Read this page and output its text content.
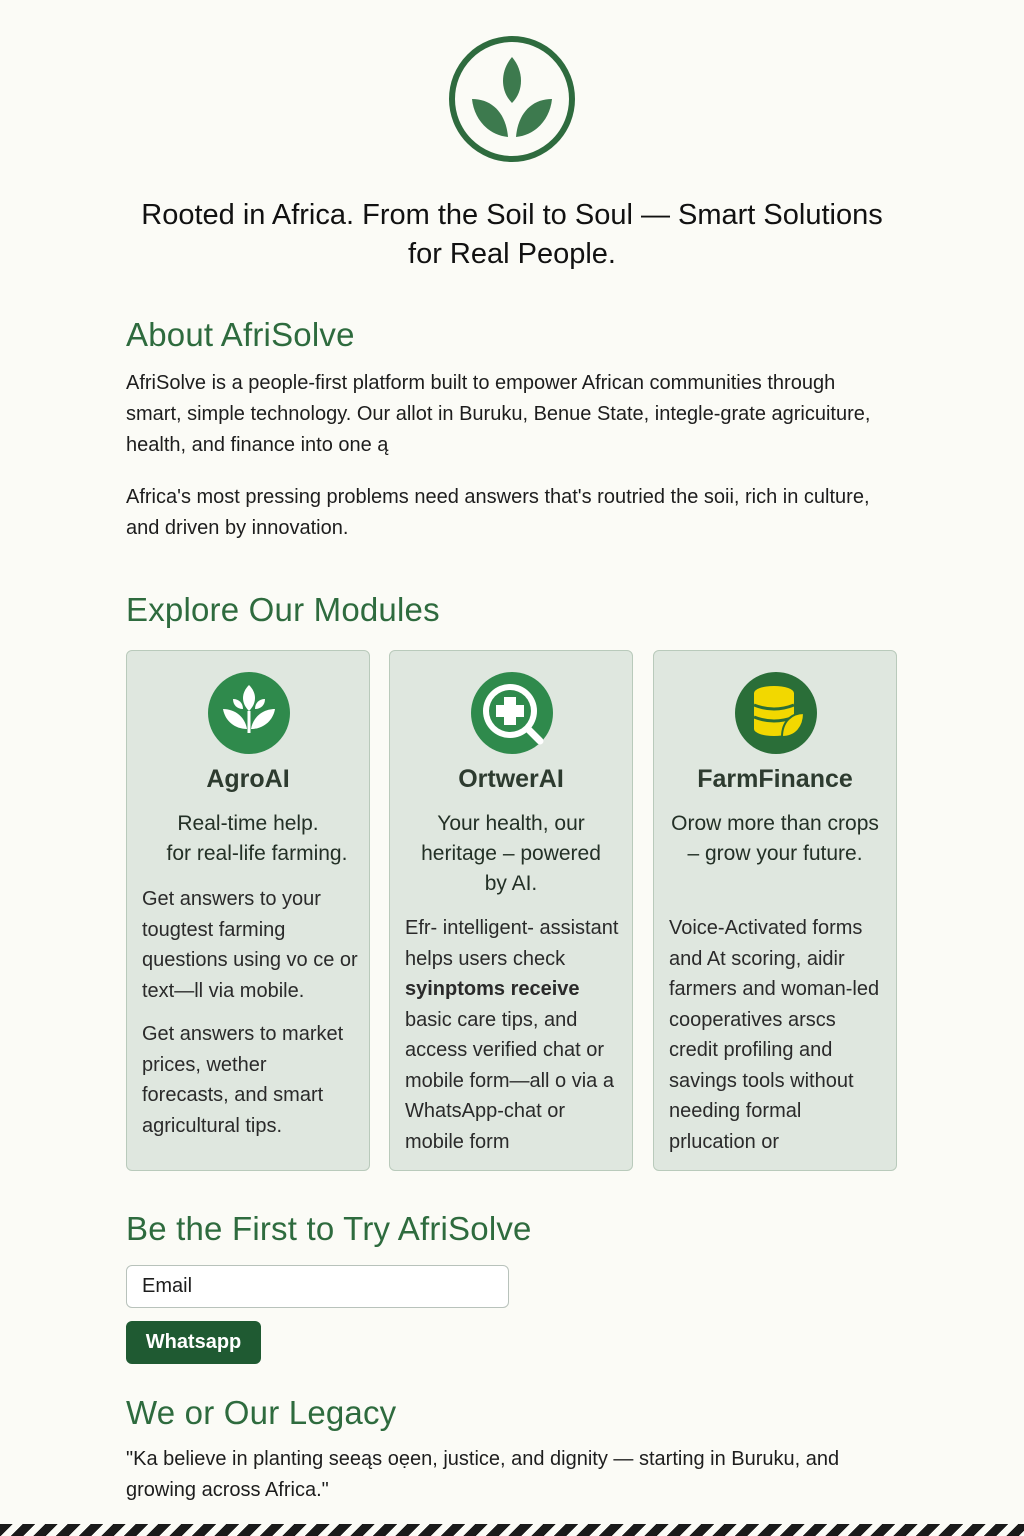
Rooted in Africa. From the Soil to Soul — Smart Solutions for Real People.
About AfriSolve

AfriSolve is a people-first platform built to empower African communities through smart, simple technology. Our allot in Buruku, Benue State, integle-grate agricuiture, health, and finance into one ą

Africa's most pressing problems need answers that's routried the soii, rich in culture, and driven by innovation.

Explore Our Modules
AgroAI
Real-time help.
for real-life farming.
Get answers to your tougtest farming questions using vo ce or text—ll via mobile.
Get answers to market prices, wether forecasts, and smart agricultural tips.
OrtwerAI
Your health, our heritage – powered by AI.
Efr- intelligent- assistant helps users check syinptoms receive basic care tips, and access verified chat or mobile form—all o via a WhatsApp-chat or mobile form
FarmFinance
Orow more than crops – grow your future.
Voice-Activated forms and At scoring, aidir farmers and woman-led cooperatives arscs credit profiling and savings tools without needing formal prlucation or
Be the First to Try AfriSolve
Email
Whatsapp
We or Our Legacy

"Ka believe in planting seeąs oẹen, justice, and dignity — starting in Buruku, and growing across Africa."
